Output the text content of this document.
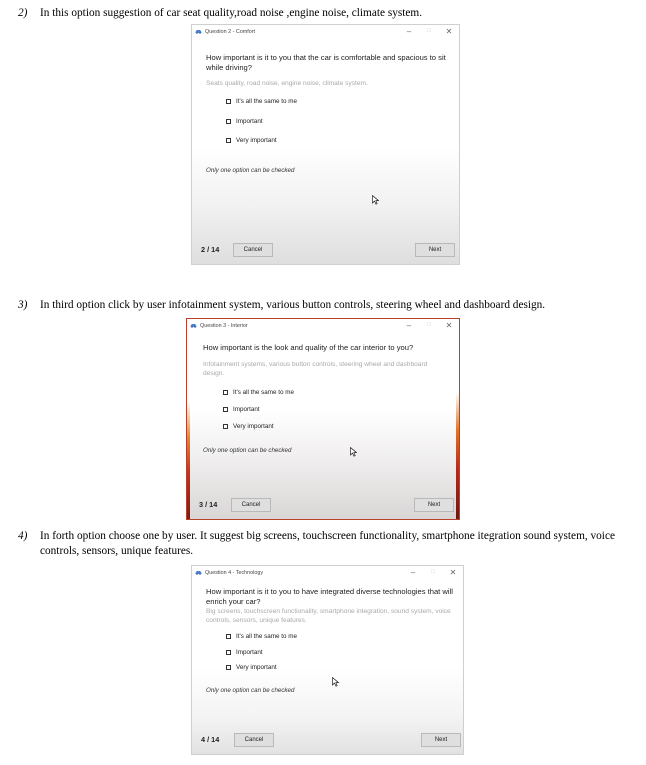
2) In this option suggestion of car seat quality,road noise ,engine noise, climate system.
Question 2 - Comfort	–	□	✕
How important is it to you that the car is comfortable and spacious to sit while driving?
Seats quality, road noise, engine noise, climate system.
It's all the same to me
Important
Very important
Only one option can be checked
2 / 14	Cancel	Next
3) In third option click by user infotainment system, various button controls, steering wheel and dashboard design.
Question 3 - Interior	–	□	✕
How important is the look and quality of the car interior to you?
Infotainment systems, various button controls, steering wheel and dashboard design.
It's all the same to me
Important
Very important
Only one option can be checked
3 / 14	Cancel	Next
4) In forth option choose one by user. It suggest big screens, touchscreen functionality, smartphone itegration sound system, voice controls, sensors, unique features.
Question 4 - Technology	–	□	✕
How important is it to you to have integrated diverse technologies that will enrich your car?
Big screens, touchscreen functionality, smartphone integration, sound system, voice controls, sensors, unique features.
It's all the same to me
Important
Very important
Only one option can be checked
4 / 14	Cancel	Next
